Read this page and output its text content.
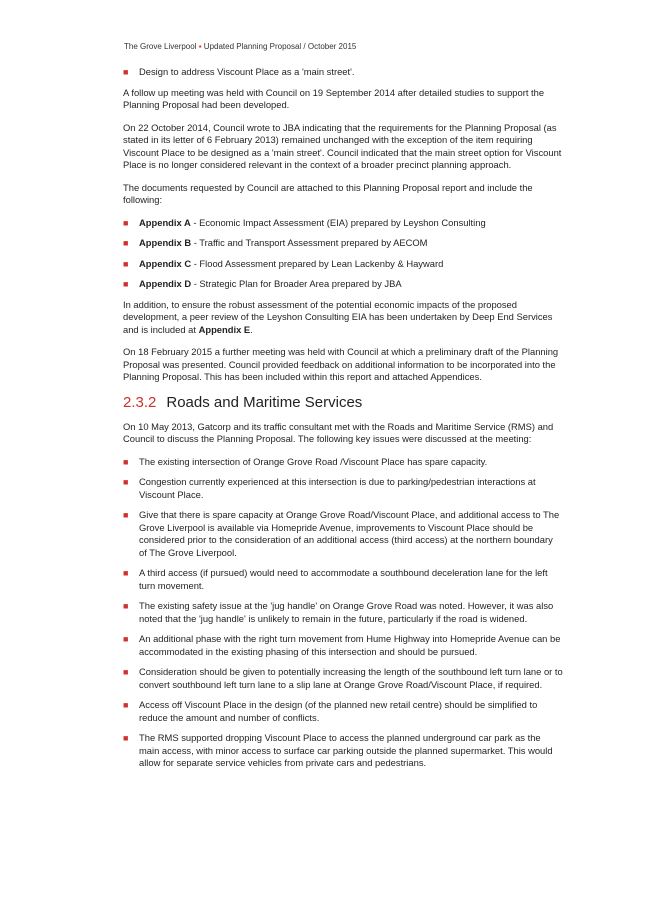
The Grove Liverpool ▪ Updated Planning Proposal / October 2015
■ Design to address Viscount Place as a 'main street'.

A follow up meeting was held with Council on 19 September 2014 after detailed studies to support the Planning Proposal had been developed.

On 22 October 2014, Council wrote to JBA indicating that the requirements for the Planning Proposal (as stated in its letter of 6 February 2013) remained unchanged with the exception of the item requiring Viscount Place to be designed as a 'main street'. Council indicated that the main street option for Viscount Place is no longer considered relevant in the context of a broader precinct planning approach.

The documents requested by Council are attached to this Planning Proposal report and include the following:

■ Appendix A - Economic Impact Assessment (EIA) prepared by Leyshon Consulting
■ Appendix B - Traffic and Transport Assessment prepared by AECOM
■ Appendix C - Flood Assessment prepared by Lean Lackenby & Hayward
■ Appendix D - Strategic Plan for Broader Area prepared by JBA

In addition, to ensure the robust assessment of the potential economic impacts of the proposed development, a peer review of the Leyshon Consulting EIA has been undertaken by Deep End Services and is included at Appendix E.

On 18 February 2015 a further meeting was held with Council at which a preliminary draft of the Planning Proposal was presented. Council provided feedback on additional information to be incorporated into the Planning Proposal. This has been included within this report and attached Appendices.

2.3.2 Roads and Maritime Services

On 10 May 2013, Gatcorp and its traffic consultant met with the Roads and Maritime Service (RMS) and Council to discuss the Planning Proposal. The following key issues were discussed at the meeting:

■ The existing intersection of Orange Grove Road /Viscount Place has spare capacity.
■ Congestion currently experienced at this intersection is due to parking/pedestrian interactions at Viscount Place.
■ Give that there is spare capacity at Orange Grove Road/Viscount Place, and additional access to The Grove Liverpool is available via Homepride Avenue, improvements to Viscount Place should be considered prior to the consideration of an additional access (third access) at the northern boundary of The Grove Liverpool.
■ A third access (if pursued) would need to accommodate a southbound deceleration lane for the left turn movement.
■ The existing safety issue at the 'jug handle' on Orange Grove Road was noted. However, it was also noted that the 'jug handle' is unlikely to remain in the future, particularly if the road is widened.
■ An additional phase with the right turn movement from Hume Highway into Homepride Avenue can be accommodated in the existing phasing of this intersection and should be pursued.
■ Consideration should be given to potentially increasing the length of the southbound left turn lane or to convert southbound left turn lane to a slip lane at Orange Grove Road/Viscount Place, if required.
■ Access off Viscount Place in the design (of the planned new retail centre) should be simplified to reduce the amount and number of conflicts.
■ The RMS supported dropping Viscount Place to access the planned underground car park as the main access, with minor access to surface car parking outside the planned supermarket. This would allow for separate service vehicles from private cars and pedestrians.
